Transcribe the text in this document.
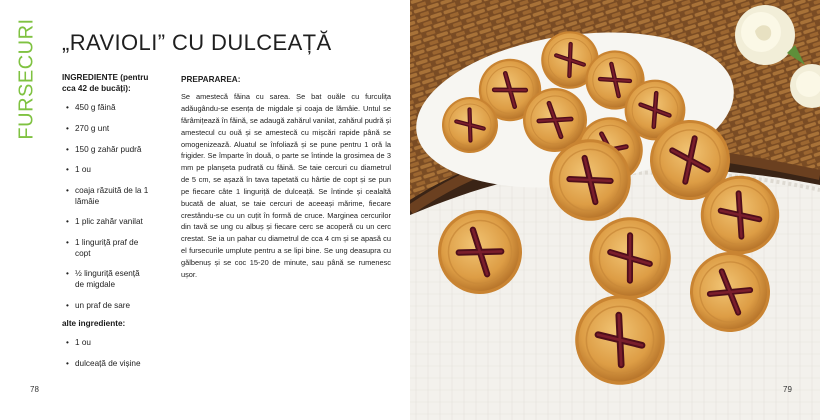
FURSECURI „RAVIOLI” CU DULCEAȚĂ
INGREDIENTE (pentru cca 42 de bucăți):
• 450 g făină
• 270 g unt
• 150 g zahăr pudră
• 1 ou
• coaja răzuită de la 1 lămâie
• 1 plic zahăr vanilat
• 1 linguriță praf de copt
• ½ linguriță esență de migdale
• un praf de sare
alte ingrediente:
• 1 ou
• dulceață de vișine
PREPARAREA:

Se amestecă făina cu sarea. Se bat ouăle cu furculița adăugându-se esența de migdale și coaja de lămâie. Untul se fărâmițează în făină, se adaugă zahărul vanilat, zahărul pudră și amestecul cu ouă și se amestecă cu mișcări rapide până se omogenizează. Aluatul se înfoliază și se pune pentru 1 oră la frigider. Se împarte în două, o parte se întinde la grosimea de 3 mm pe planșeta pudrată cu făină. Se taie cercuri cu diametrul de 5 cm, se așază în tava tapetată cu hârtie de copt și se pun pe fiecare câte 1 linguriță de dulceață. Se întinde și cealaltă bucată de aluat, se taie cercuri de aceeași mărime, fiecare crestându-se cu un cuțit în formă de cruce. Marginea cercurilor din tavă se ung cu albuș și fiecare cerc se acoperă cu un cerc crestat. Se ia un pahar cu diametrul de cca 4 cm și se apasă cu el fursecurile umplute pentru a se lipi bine. Se ung deasupra cu gălbenuș și se coc 15-20 de minute, sau până se rumenesc ușor.

78	79
